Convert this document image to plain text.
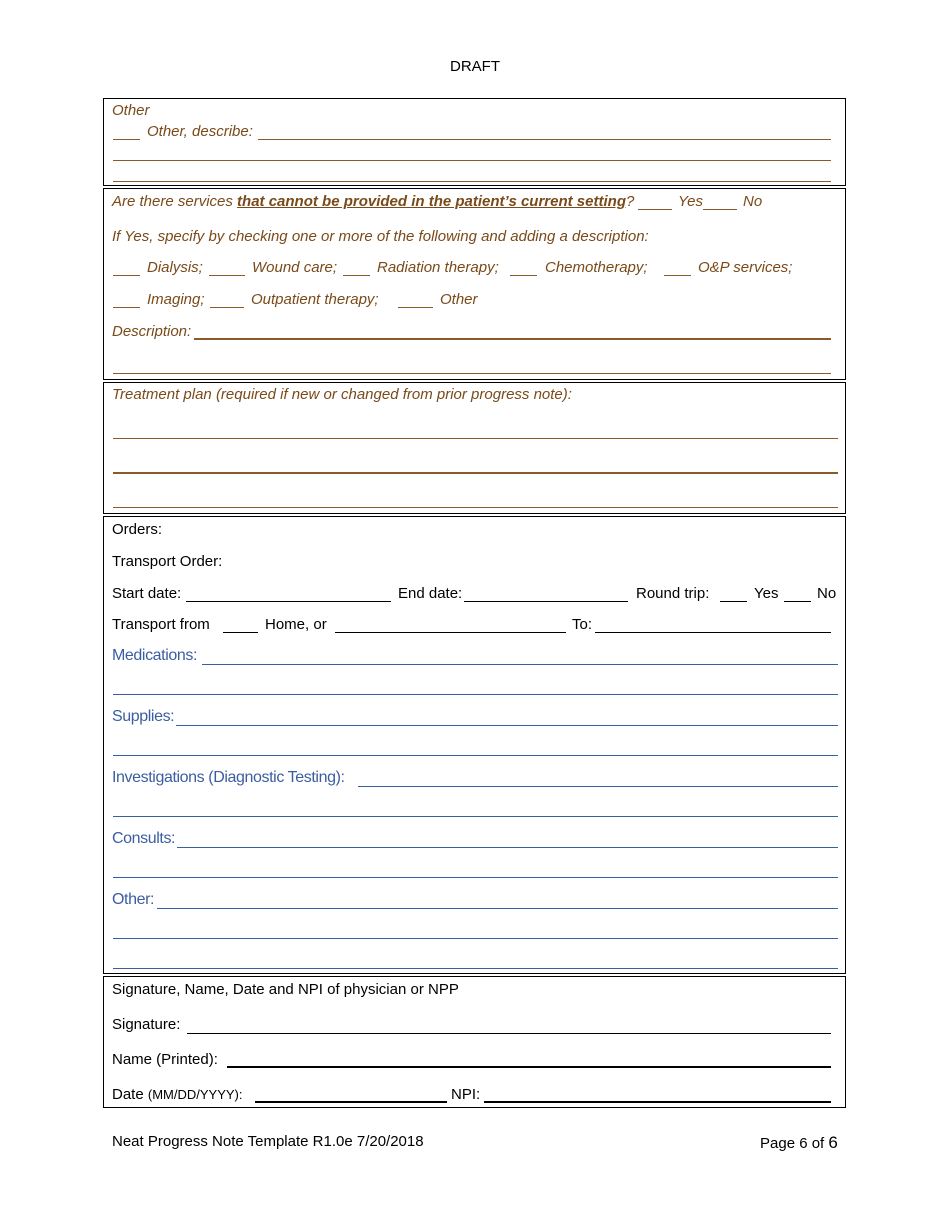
DRAFT
Other
Other, describe:
Are there services that cannot be provided in the patient’s current setting?	Yes	No
If Yes, specify by checking one or more of the following and adding a description:
Dialysis;	Wound care;	Radiation therapy;	Chemotherapy;	O&P services;
Imaging;	Outpatient therapy;	Other
Description:
Treatment plan (required if new or changed from prior progress note):
Orders:
Transport Order:
Start date:	End date:	Round trip:	Yes	No
Transport from	Home, or	To:
Medications:
Supplies:
Investigations (Diagnostic Testing):
Consults:
Other:
Signature, Name, Date and NPI of physician or NPP
Signature:
Name (Printed):
Date (MM/DD/YYYY):	NPI:
Neat Progress Note Template R1.0e 7/20/2018	Page 6 of 6
